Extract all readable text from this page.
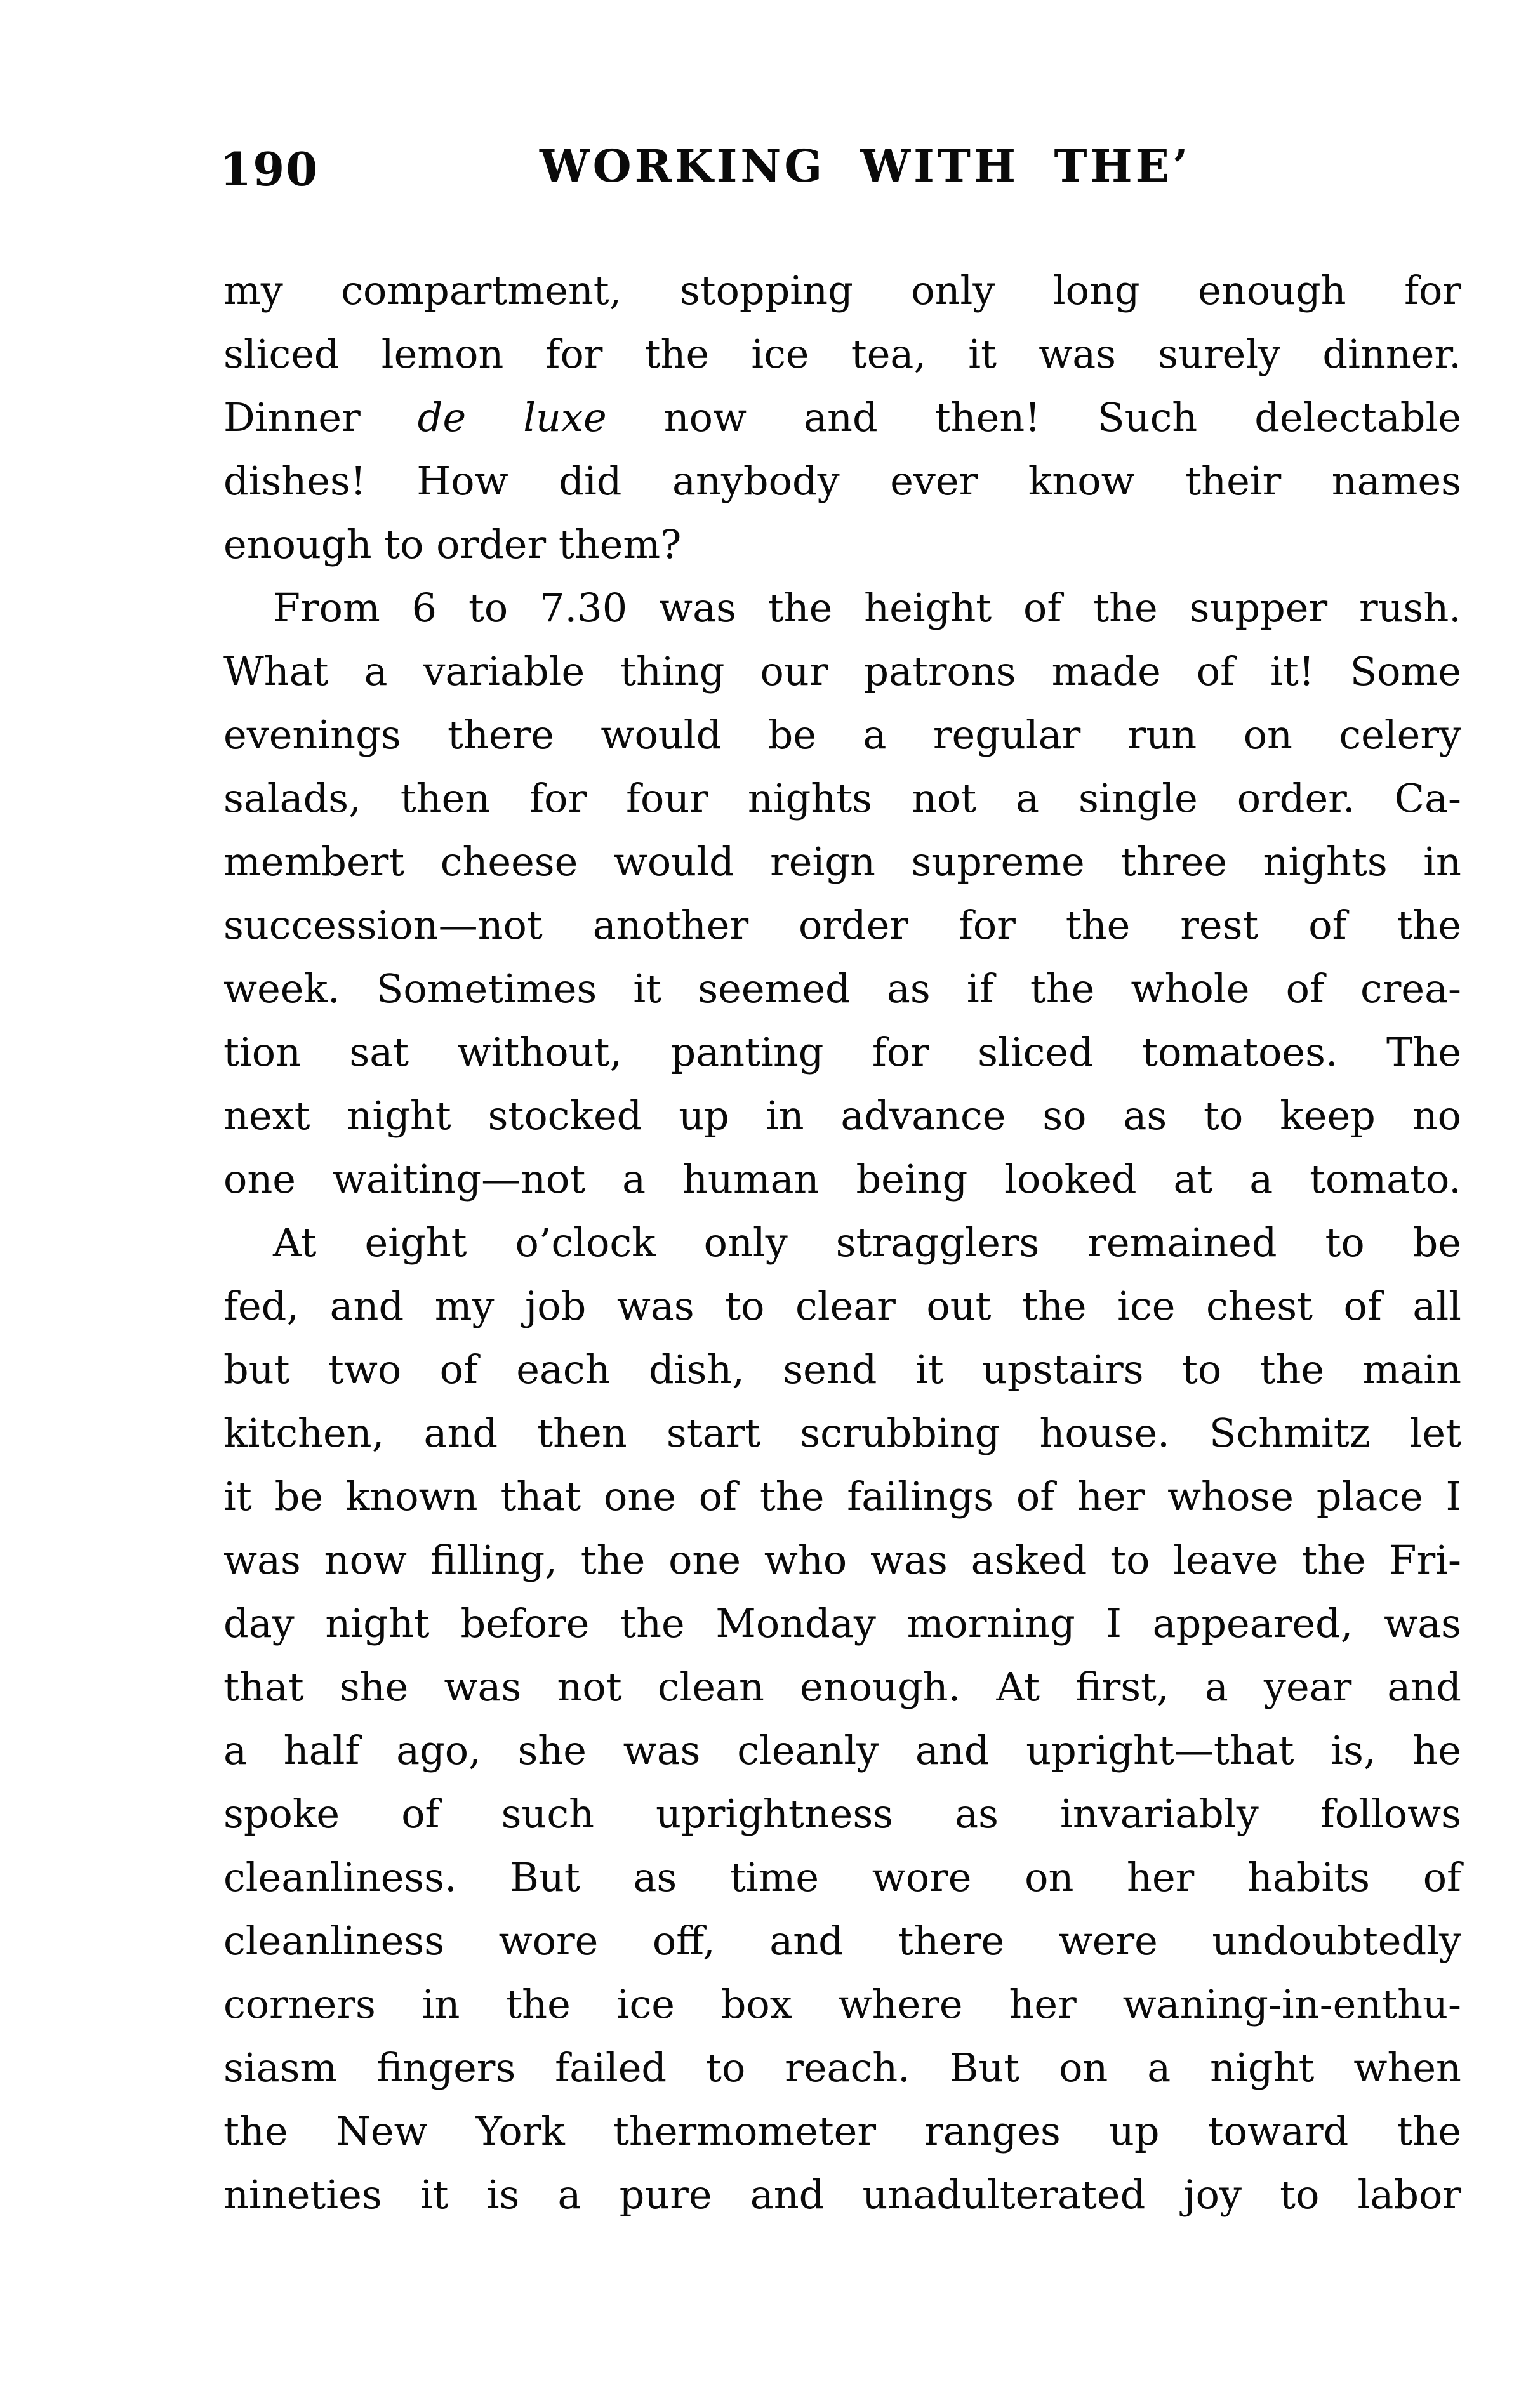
190	WORKING WITH THE’
my compartment, stopping only long enough for
sliced lemon for the ice tea, it was surely dinner.
Dinner de luxe now and then! Such delectable
dishes! How did anybody ever know their names
enough to order them?
From 6 to 7.30 was the height of the supper rush.
What a variable thing our patrons made of it! Some
evenings there would be a regular run on celery
salads, then for four nights not a single order. Ca-
membert cheese would reign supreme three nights in
succession—not another order for the rest of the
week. Sometimes it seemed as if the whole of crea-
tion sat without, panting for sliced tomatoes. The
next night stocked up in advance so as to keep no
one waiting—not a human being looked at a tomato.
At eight o’clock only stragglers remained to be
fed, and my job was to clear out the ice chest of all
but two of each dish, send it upstairs to the main
kitchen, and then start scrubbing house. Schmitz let
it be known that one of the failings of her whose place I
was now filling, the one who was asked to leave the Fri-
day night before the Monday morning I appeared, was
that she was not clean enough. At first, a year and
a half ago, she was cleanly and upright—that is, he
spoke of such uprightness as invariably follows
cleanliness. But as time wore on her habits of
cleanliness wore off, and there were undoubtedly
corners in the ice box where her waning-in-enthu-
siasm fingers failed to reach. But on a night when
the New York thermometer ranges up toward the
nineties it is a pure and unadulterated joy to labor
